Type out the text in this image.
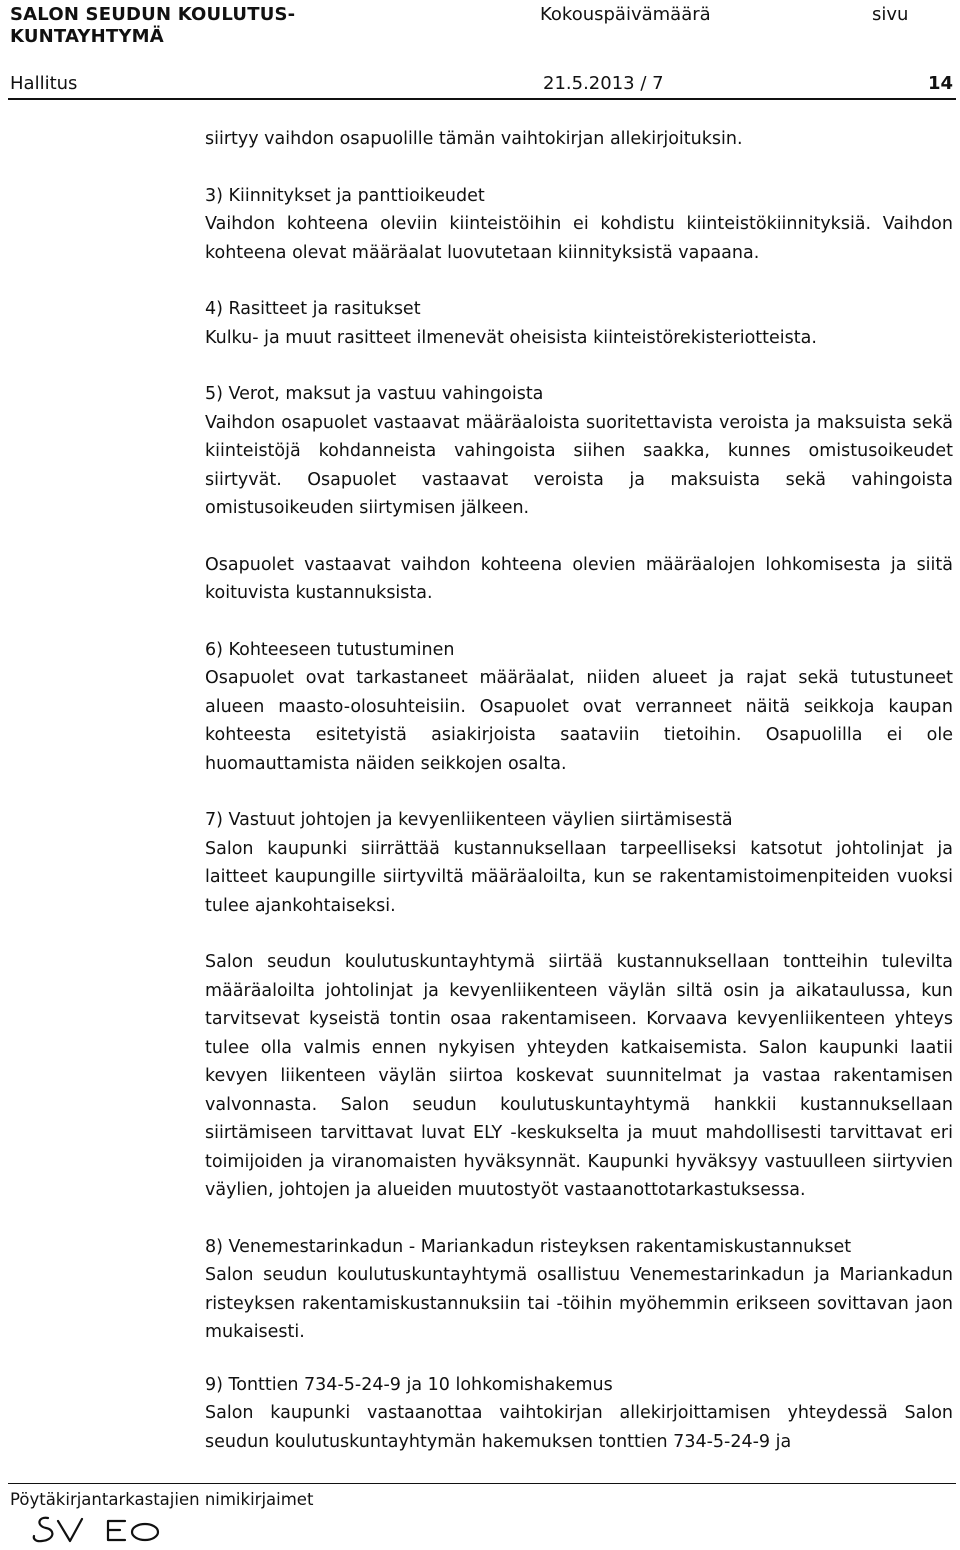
SALON SEUDUN KOULUTUS-
KUNTAYHTYMÄ
Kokouspäivämäärä	sivu
Hallitus	21.5.2013 / 7	14

siirtyy vaihdon osapuolille tämän vaihtokirjan allekirjoituksin.

3) Kiinnitykset ja panttioikeudet

Vaihdon kohteena oleviin kiinteistöihin ei kohdistu kiinteistökiinnityksiä. Vaihdon kohteena olevat määräalat luovutetaan kiinnityksistä vapaana.

4) Rasitteet ja rasitukset

Kulku- ja muut rasitteet ilmenevät oheisista kiinteistörekisteriotteista.

5) Verot, maksut ja vastuu vahingoista

Vaihdon osapuolet vastaavat määräaloista suoritettavista veroista ja maksuista sekä kiinteistöjä kohdanneista vahingoista siihen saakka, kunnes omistusoikeudet siirtyvät. Osapuolet vastaavat veroista ja maksuista sekä vahingoista omistusoikeuden siirtymisen jälkeen.

Osapuolet vastaavat vaihdon kohteena olevien määräalojen lohkomisesta ja siitä koituvista kustannuksista.

6) Kohteeseen tutustuminen

Osapuolet ovat tarkastaneet määräalat, niiden alueet ja rajat sekä tutustuneet alueen maasto-olosuhteisiin. Osapuolet ovat verranneet näitä seikkoja kaupan kohteesta esitetyistä asiakirjoista saataviin tietoihin. Osapuolilla ei ole huomauttamista näiden seikkojen osalta.

7) Vastuut johtojen ja kevyenliikenteen väylien siirtämisestä

Salon kaupunki siirrättää kustannuksellaan tarpeelliseksi katsotut johtolinjat ja laitteet kaupungille siirtyviltä määräaloilta, kun se rakentamistoimenpiteiden vuoksi tulee ajankohtaiseksi.

Salon seudun koulutuskuntayhtymä siirtää kustannuksellaan tontteihin tulevilta määräaloilta johtolinjat ja kevyenliikenteen väylän siltä osin ja aikataulussa, kun tarvitsevat kyseistä tontin osaa rakentamiseen. Korvaava kevyenliikenteen yhteys tulee olla valmis ennen nykyisen yhteyden katkaisemista. Salon kaupunki laatii kevyen liikenteen väylän siirtoa koskevat suunnitelmat ja vastaa rakentamisen valvonnasta. Salon seudun koulutuskuntayhtymä hankkii kustannuksellaan siirtämiseen tarvittavat luvat ELY -keskukselta ja muut mahdollisesti tarvittavat eri toimijoiden ja viranomaisten hyväksynnät. Kaupunki hyväksyy vastuulleen siirtyvien väylien, johtojen ja alueiden muutostyöt vastaanottotarkastuksessa.

8) Venemestarinkadun - Mariankadun risteyksen rakentamiskustannukset

Salon seudun koulutuskuntayhtymä osallistuu Venemestarinkadun ja Mariankadun risteyksen rakentamiskustannuksiin tai -töihin myöhemmin erikseen sovittavan jaon mukaisesti.

9) Tonttien 734-5-24-9 ja 10 lohkomishakemus

Salon kaupunki vastaanottaa vaihtokirjan allekirjoittamisen yhteydessä Salon seudun koulutuskuntayhtymän hakemuksen tonttien 734-5-24-9 ja

Pöytäkirjantarkastajien nimikirjaimet
